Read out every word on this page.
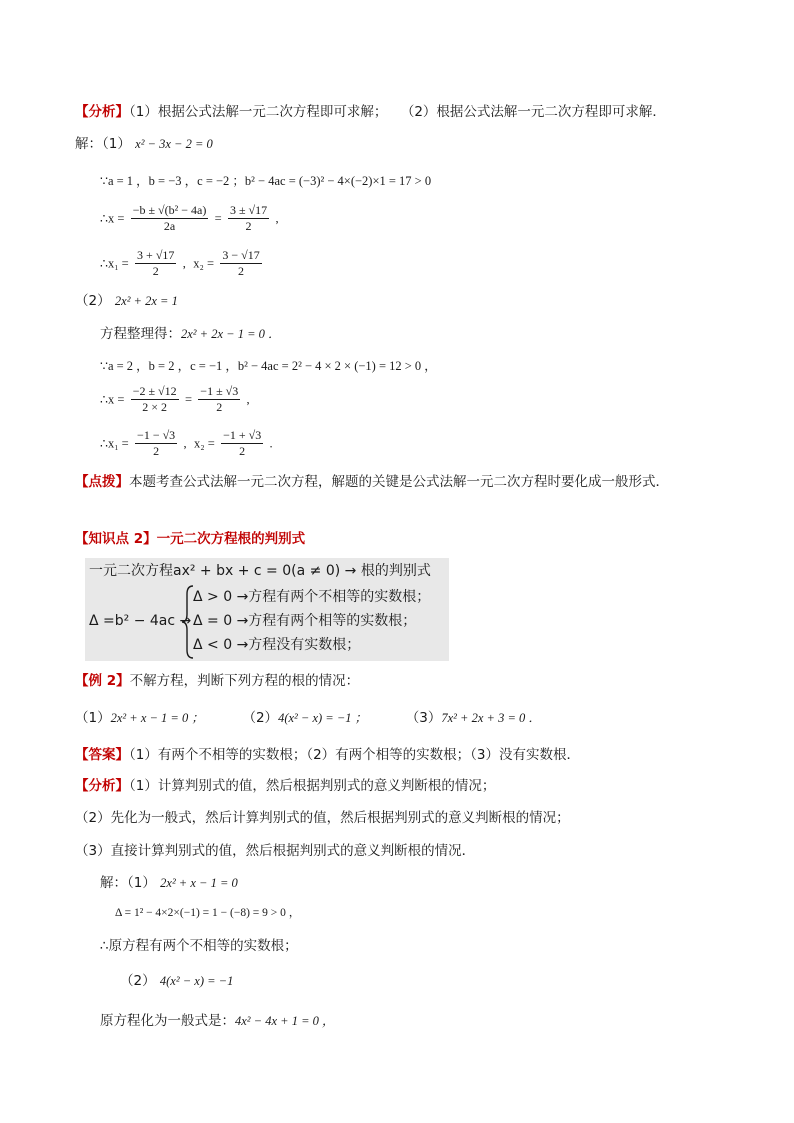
【分析】（1）根据公式法解一元二次方程即可求解；　　（2）根据公式法解一元二次方程即可求解．
解：（1） x² − 3x − 2 = 0
∵a = 1 ，b = −3 ，c = −2 ；b² − 4ac = (−3)² − 4×(−2)×1 = 17 > 0
∴x = $\frac{\text{−b ± √(b² − 4a)}}{2a} = \frac{3 \pm √17}{2}$ ,
∴x₁ = $\frac{3 + √17}{2}$ ,  $x_2 = \frac{3 - √17}{2}$
（2） 2x² + 2x = 1
方程整理得：2x² + 2x − 1 = 0 ．
∵a = 2 ，b = 2 ，c = −1 ，b² − 4ac = 2² − 4 × 2 × (−1) = 12 > 0 ，
∴x = $\frac{-2 \pm √12}{2 \times 2} = \frac{-1 \pm √3}{2}$ ,
∴x₁ = $\frac{-1 - √3}{2}$ ,  $x_2 = \frac{-1 + √3}{2}$ .
【点拨】本题考查公式法解一元二次方程，解题的关键是公式法解一元二次方程时要化成一般形式．
【知识点 2】一元二次方程根的判别式
一元二次方程ax² + bx + c = 0(a ≠ 0) → 根的判别式
Δ =b² − 4ac →
Δ > 0 →方程有两个不相等的实数根；
Δ = 0 →方程有两个相等的实数根；
Δ < 0 →方程没有实数根；
【例 2】不解方程，判断下列方程的根的情况：
（1）2x² + x − 1 = 0 ；	（2）4(x² − x) = −1 ；	（3）7x² + 2x + 3 = 0 ．
【答案】（1）有两个不相等的实数根；（2）有两个相等的实数根；（3）没有实数根．
【分析】（1）计算判别式的值，然后根据判别式的意义判断根的情况；
（2）先化为一般式，然后计算判别式的值，然后根据判别式的意义判断根的情况；
（3）直接计算判别式的值，然后根据判别式的意义判断根的情况．
解：（1） 2x² + x − 1 = 0
Δ = 1² − 4×2×(−1) = 1 − (−8) = 9 > 0 ，
∴原方程有两个不相等的实数根；
（2） 4(x² − x) = −1
原方程化为一般式是：4x² − 4x + 1 = 0 ，
